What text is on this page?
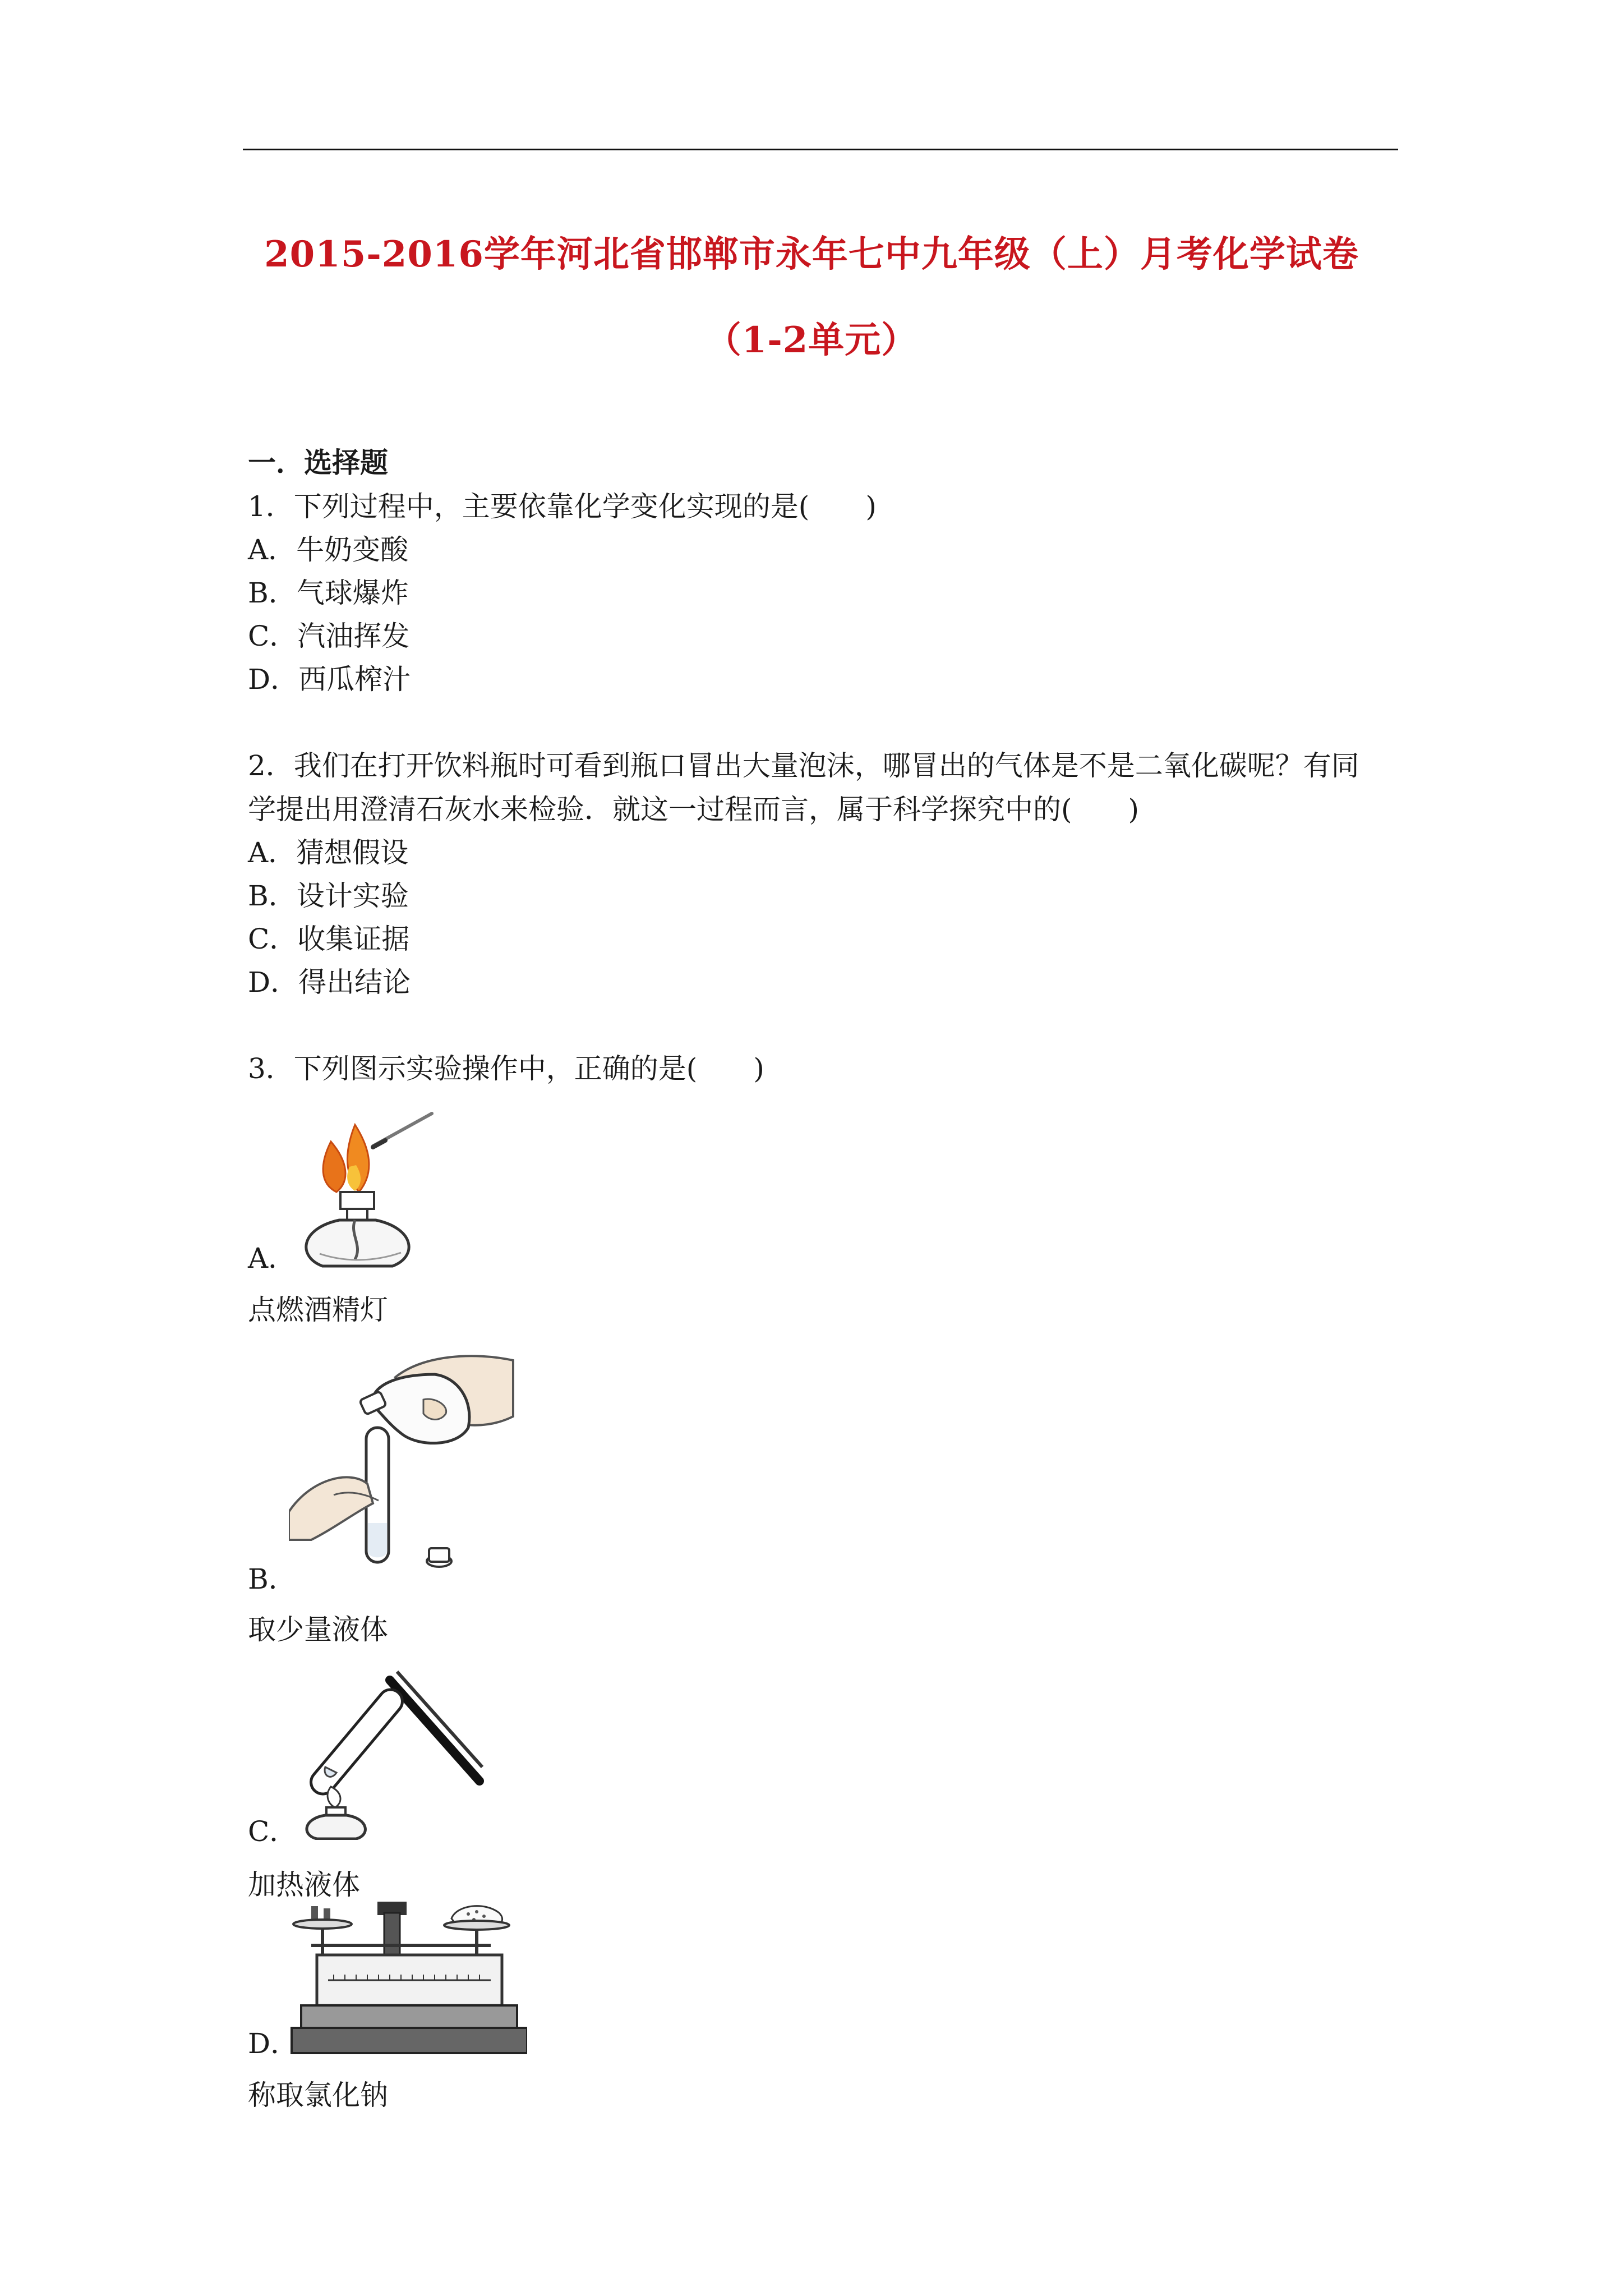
2015-2016学年河北省邯郸市永年七中九年级（上）月考化学试卷
（1-2单元）
一．选择题
1．下列过程中，主要依靠化学变化实现的是(　　)
A．牛奶变酸
B．气球爆炸
C．汽油挥发
D．西瓜榨汁
2．我们在打开饮料瓶时可看到瓶口冒出大量泡沫，哪冒出的气体是不是二氧化碳呢？有同
学提出用澄清石灰水来检验．就这一过程而言，属于科学探究中的(　　)
A．猜想假设
B．设计实验
C．收集证据
D．得出结论
3．下列图示实验操作中，正确的是(　　)
A．
点燃酒精灯
B．
取少量液体
C．
加热液体
D．
称取氯化钠
